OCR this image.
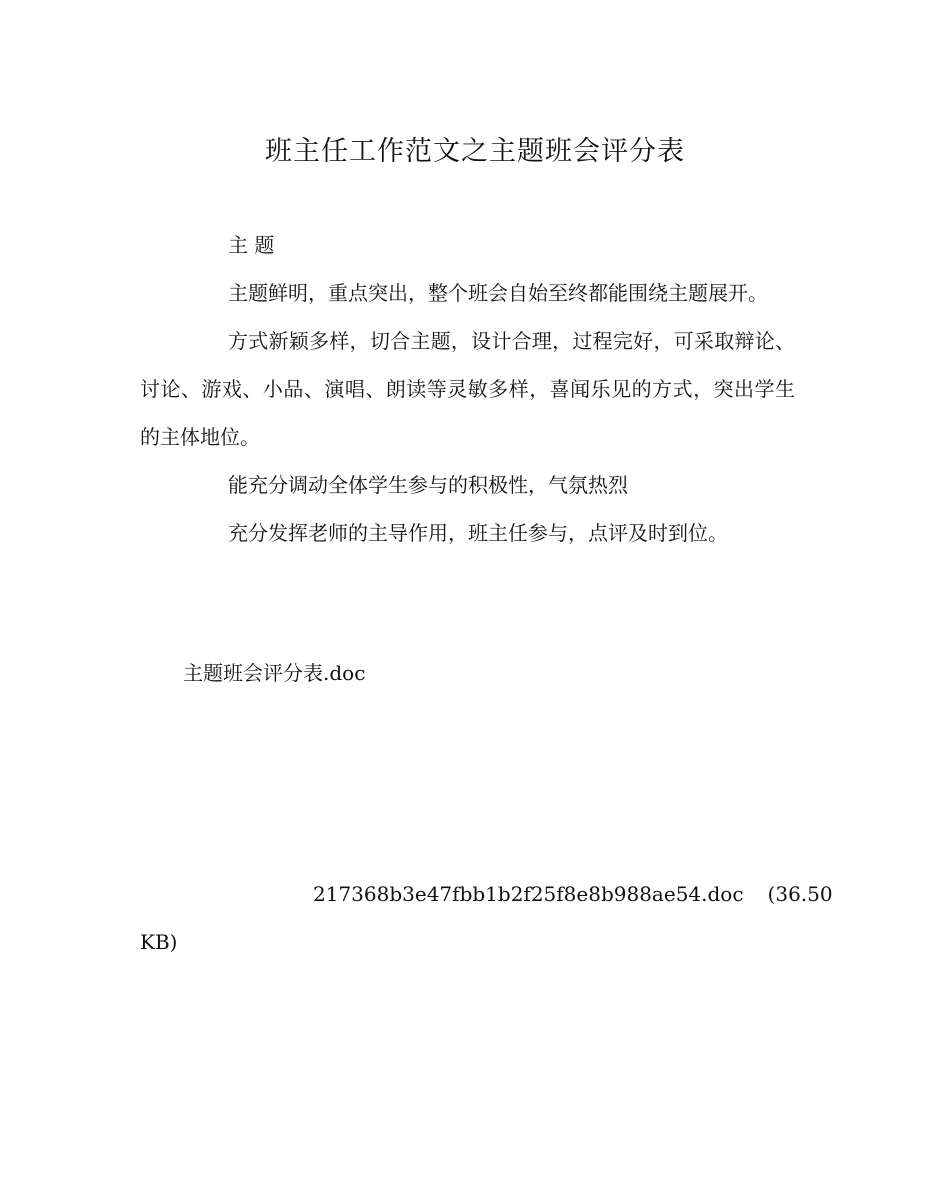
班主任工作范文之主题班会评分表

主 题

主题鲜明，重点突出，整个班会自始至终都能围绕主题展开。

方式新颖多样，切合主题，设计合理，过程完好，可采取辩论、讨论、游戏、小品、演唱、朗读等灵敏多样，喜闻乐见的方式，突出学生的主体地位。

能充分调动全体学生参与的积极性，气氛热烈

充分发挥老师的主导作用，班主任参与，点评及时到位。

主题班会评分表.doc
217368b3e47fbb1b2f25f8e8b988ae54.doc (36.50
KB)
